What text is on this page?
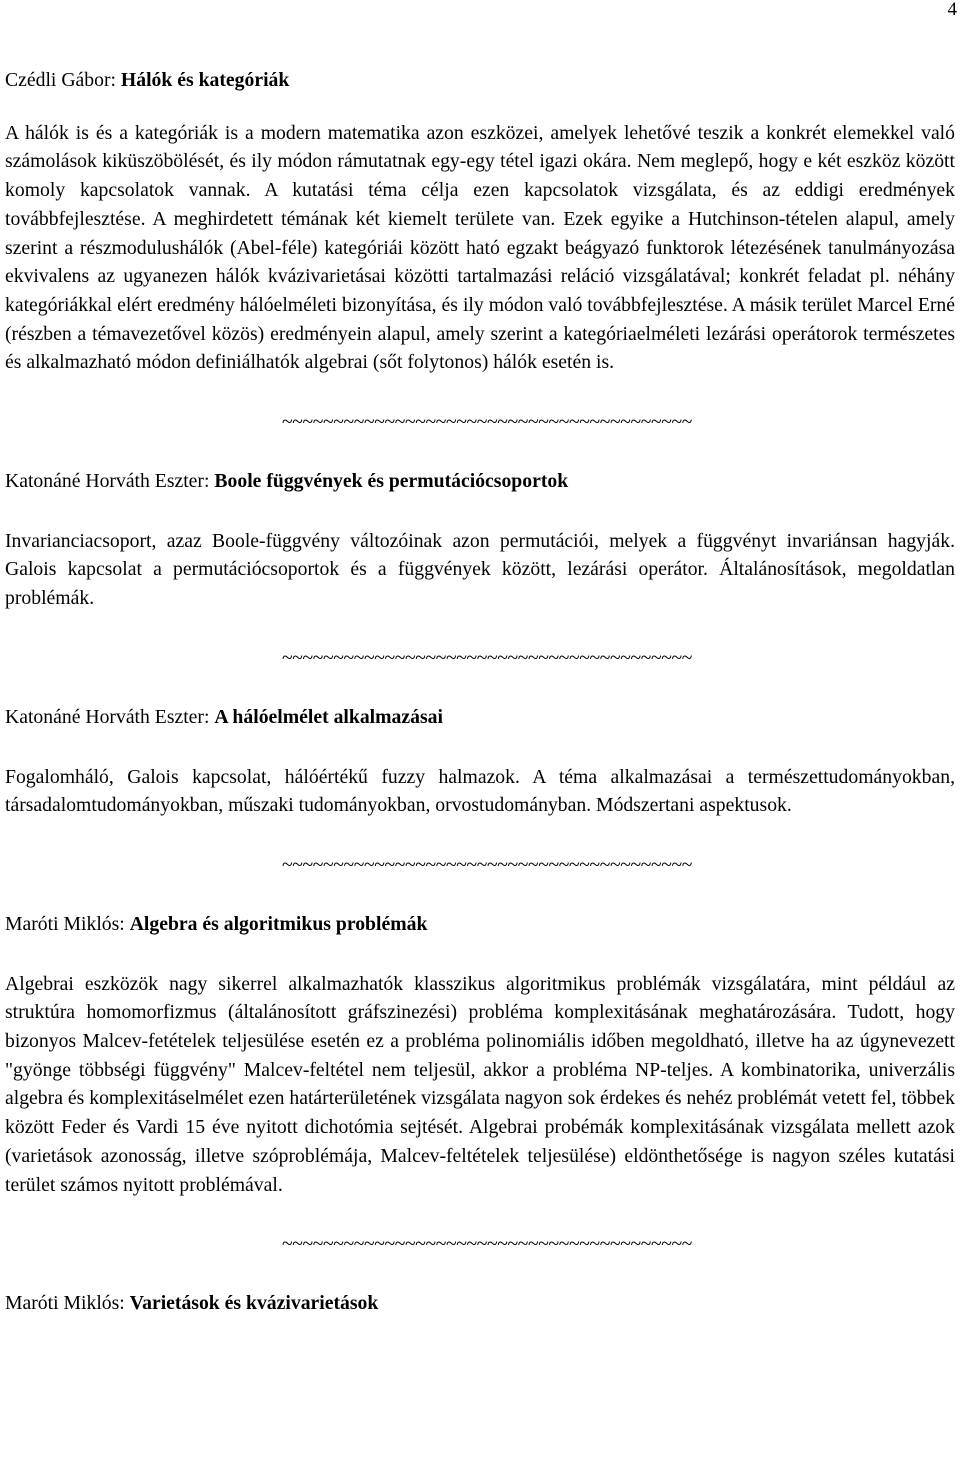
4

Czédli Gábor: Hálók és kategóriák

A hálók is és a kategóriák is a modern matematika azon eszközei, amelyek lehetővé teszik a konkrét elemekkel való számolások kiküszöbölését, és ily módon rámutatnak egy-egy tétel igazi okára. Nem meglepő, hogy e két eszköz között komoly kapcsolatok vannak. A kutatási téma célja ezen kapcsolatok vizsgálata, és az eddigi eredmények továbbfejlesztése. A meghirdetett témának két kiemelt területe van. Ezek egyike a Hutchinson-tételen alapul, amely szerint a részmodulushálók (Abel-féle) kategóriái között ható egzakt beágyazó funktorok létezésének tanulmányozása ekvivalens az ugyanezen hálók kvázivarietásai közötti tartalmazási reláció vizsgálatával; konkrét feladat pl. néhány kategóriákkal elért eredmény hálóelméleti bizonyítása, és ily módon való továbbfejlesztése. A másik terület Marcel Erné (részben a témavezetővel közös) eredményein alapul, amely szerint a kategóriaelméleti lezárási operátorok természetes és alkalmazható módon definiálhatók algebrai (sőt folytonos) hálók esetén is.

~~~~~~~~~~~~~~~~~~~~~~~~~~~~~~~~~~~~~~~~

Katonáné Horváth Eszter: Boole függvények és permutációcsoportok

Invarianciacsoport, azaz Boole-függvény változóinak azon permutációi, melyek a függvényt invariánsan hagyják. Galois kapcsolat a permutációcsoportok és a függvények között, lezárási operátor. Általánosítások, megoldatlan problémák.

~~~~~~~~~~~~~~~~~~~~~~~~~~~~~~~~~~~~~~~~

Katonáné Horváth Eszter: A hálóelmélet alkalmazásai

Fogalomháló, Galois kapcsolat, hálóértékű fuzzy halmazok. A téma alkalmazásai a természettudományokban, társadalomtudományokban, műszaki tudományokban, orvostudományban. Módszertani aspektusok.

~~~~~~~~~~~~~~~~~~~~~~~~~~~~~~~~~~~~~~~~

Maróti Miklós: Algebra és algoritmikus problémák

Algebrai eszközök nagy sikerrel alkalmazhatók klasszikus algoritmikus problémák vizsgálatára, mint például az struktúra homomorfizmus (általánosított gráfszinezési) probléma komplexitásának meghatározására. Tudott, hogy bizonyos Malcev-fetételek teljesülése esetén ez a probléma polinomiális időben megoldható, illetve ha az úgynevezett "gyönge többségi függvény" Malcev-feltétel nem teljesül, akkor a probléma NP-teljes. A kombinatorika, univerzális algebra és komplexitáselmélet ezen határterületének vizsgálata nagyon sok érdekes és nehéz problémát vetett fel, többek között Feder és Vardi 15 éve nyitott dichotómia sejtését. Algebrai probémák komplexitásának vizsgálata mellett azok (varietások azonosság, illetve szóproblémája, Malcev-feltételek teljesülése) eldönthetősége is nagyon széles kutatási terület számos nyitott problémával.

~~~~~~~~~~~~~~~~~~~~~~~~~~~~~~~~~~~~~~~~

Maróti Miklós: Varietások és kvázivarietások
